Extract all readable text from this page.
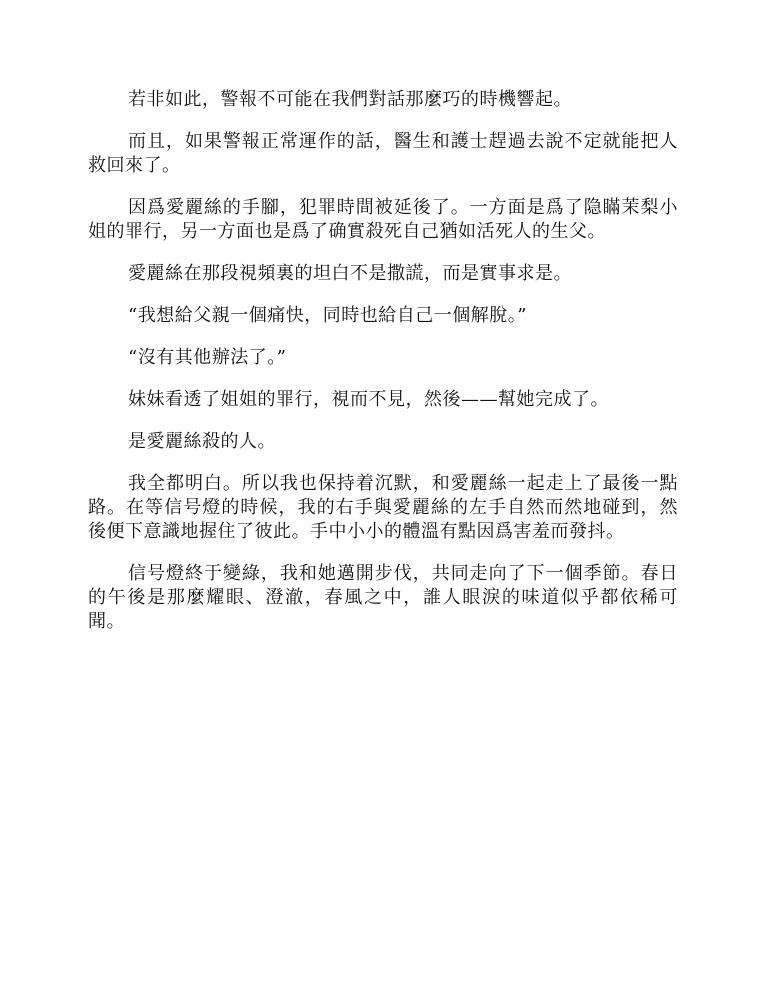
若非如此，警報不可能在我們對話那麼巧的時機響起。

而且，如果警報正常運作的話，醫生和護士趕過去說不定就能把人救回來了。

因爲愛麗絲的手腳，犯罪時間被延後了。一方面是爲了隐瞞茉梨小姐的罪行，另一方面也是爲了确實殺死自己猶如活死人的生父。

愛麗絲在那段視頻裏的坦白不是撒謊，而是實事求是。

“我想給父親一個痛快，同時也給自己一個解脫。”

“沒有其他辦法了。”

妹妹看透了姐姐的罪行，視而不見，然後——幫她完成了。

是愛麗絲殺的人。

我全都明白。所以我也保持着沉默，和愛麗絲一起走上了最後一點路。在等信号燈的時候，我的右手與愛麗絲的左手自然而然地碰到，然後便下意識地握住了彼此。手中小小的體溫有點因爲害羞而發抖。

信号燈終于變綠，我和她邁開步伐，共同走向了下一個季節。春日的午後是那麼耀眼、澄澈，春風之中，誰人眼淚的味道似乎都依稀可聞。
